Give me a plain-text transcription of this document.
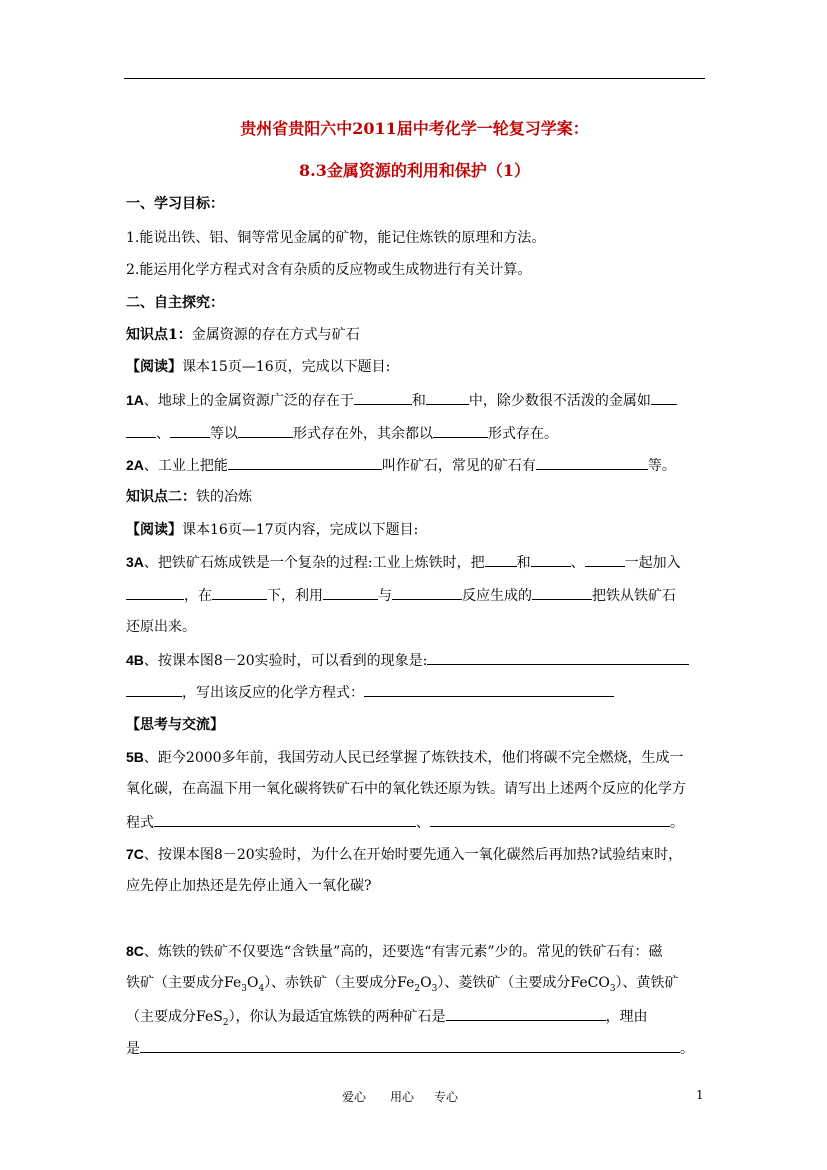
贵州省贵阳六中2011届中考化学一轮复习学案：
8.3金属资源的利用和保护（1）
一、学习目标：
1.能说出铁、铝、铜等常见金属的矿物，能记住炼铁的原理和方法。
2.能运用化学方程式对含有杂质的反应物或生成物进行有关计算。
二、自主探究：
知识点1：金属资源的存在方式与矿石
【阅读】课本15页—16页，完成以下题目:
1A、地球上的金属资源广泛的存在于	和	中，除少数很不活泼的金属如
、	等以	形式存在外，其余都以	形式存在。
2A、工业上把能	叫作矿石，常见的矿石有	等。
知识点二：铁的冶炼
【阅读】课本16页—17页内容，完成以下题目:
3A、把铁矿石炼成铁是一个复杂的过程:工业上炼铁时，把 和	、	一起加入
，在	下，利用	与	反应生成的	把铁从铁矿石
还原出来。
4B、按课本图8－20实验时，可以看到的现象是:
，写出该反应的化学方程式：
【思考与交流】
5B、距今2000多年前，我国劳动人民已经掌握了炼铁技术，他们将碳不完全燃烧，生成一
氧化碳，在高温下用一氧化碳将铁矿石中的氧化铁还原为铁。请写出上述两个反应的化学方
程式	、	。
7C、按课本图8－20实验时，为什么在开始时要先通入一氧化碳然后再加热?试验结束时，
应先停止加热还是先停止通入一氧化碳?
8C、炼铁的铁矿不仅要选“含铁量”高的，还要选“有害元素”少的。常见的铁矿石有：磁
铁矿（主要成分$Fe_3O_4$）、赤铁矿（主要成分$Fe_2O_3$）、菱铁矿（主要成分FeCO$_3$）、黄铁矿
（主要成分FeS$_2$），你认为最适宜炼铁的两种矿石是	，理由
是	。
爱心 用心 专心	1
